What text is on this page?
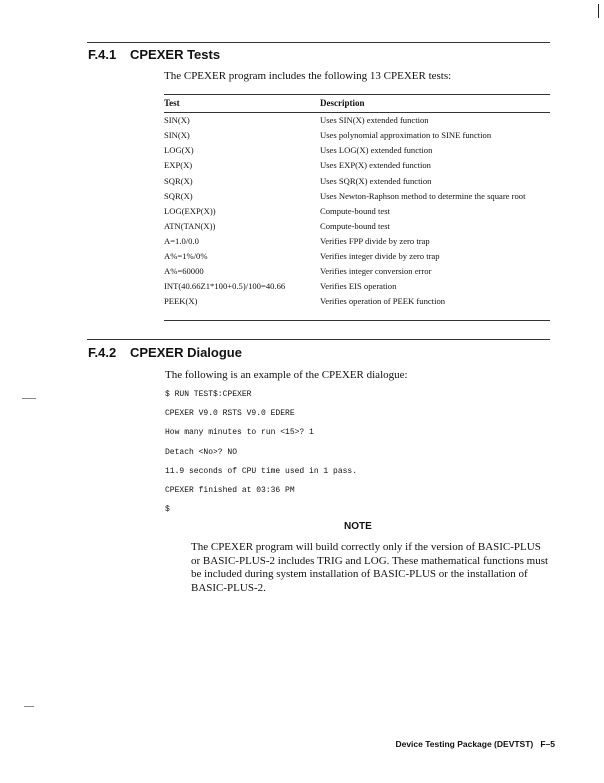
F.4.1 CPEXER Tests
The CPEXER program includes the following 13 CPEXER tests:
Test	Description
SIN(X)	Uses SIN(X) extended function
SIN(X)	Uses polynomial approximation to SINE function
LOG(X)	Uses LOG(X) extended function
EXP(X)	Uses EXP(X) extended function
SQR(X)	Uses SQR(X) extended function
SQR(X)	Uses Newton-Raphson method to determine the square root
LOG(EXP(X))	Compute-bound test
ATN(TAN(X))	Compute-bound test
A=1.0/0.0	Verifies FPP divide by zero trap
A%=1%/0%	Verifies integer divide by zero trap
A%=60000	Verifies integer conversion error
INT(40.66Z1*100+0.5)/100=40.66	Verifies EIS operation
PEEK(X)	Verifies operation of PEEK function
F.4.2 CPEXER Dialogue
The following is an example of the CPEXER dialogue:
$ RUN TEST$:CPEXER
CPEXER V9.0 RSTS V9.0 EDERE
How many minutes to run <15>? 1
Detach <No>? NO
11.9 seconds of CPU time used in 1 pass.
CPEXER finished at 03:36 PM
$
NOTE
The CPEXER program will build correctly only if the version of BASIC-PLUS or BASIC-PLUS-2 includes TRIG and LOG. These mathematical functions must be included during system installation of BASIC-PLUS or the installation of BASIC-PLUS-2.
Device Testing Package (DEVTST) F–5
